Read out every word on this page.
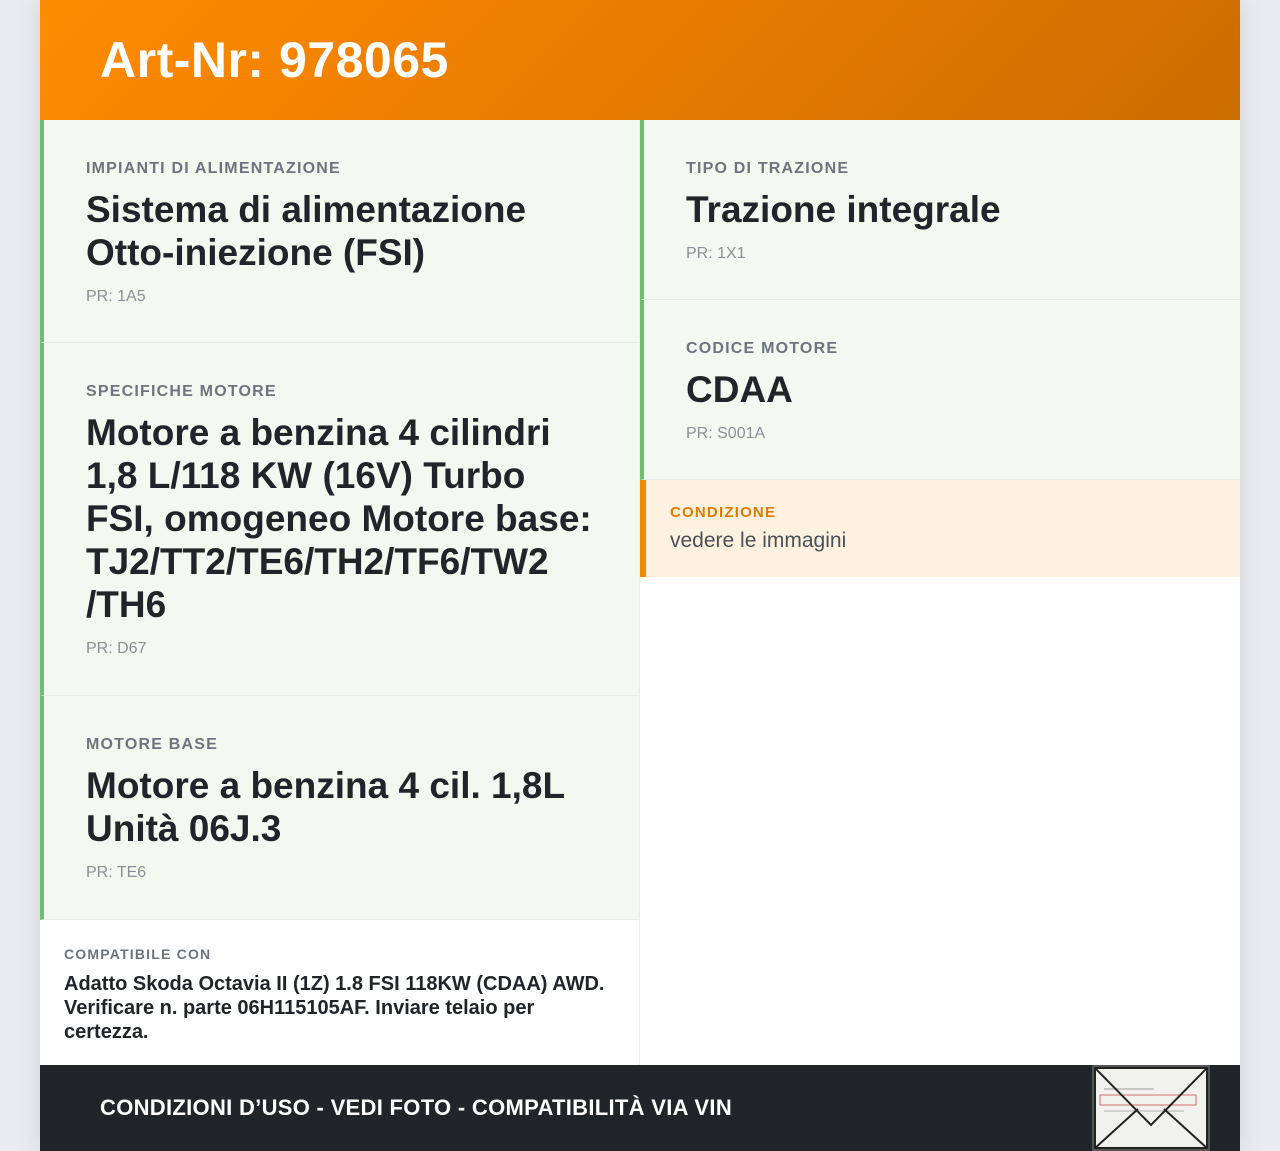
Art-Nr: 978065
IMPIANTI DI ALIMENTAZIONE
Sistema di alimentazione Otto-iniezione (FSI)
PR: 1A5
SPECIFICHE MOTORE
Motore a benzina 4 cilindri 1,8 L/118 KW (16V) Turbo FSI, omogeneo Motore base: TJ2/TT2/TE6/TH2/TF6/TW2 /TH6
PR: D67
MOTORE BASE
Motore a benzina 4 cil. 1,8L Unità 06J.3
PR: TE6
COMPATIBILE CON
Adatto Skoda Octavia II (1Z) 1.8 FSI 118KW (CDAA) AWD. Verificare n. parte 06H115105AF. Inviare telaio per certezza.
TIPO DI TRAZIONE
Trazione integrale
PR: 1X1
CODICE MOTORE
CDAA
PR: S001A
CONDIZIONE
vedere le immagini
CONDIZIONI D’USO - VEDI FOTO - COMPATIBILITÀ VIA VIN
